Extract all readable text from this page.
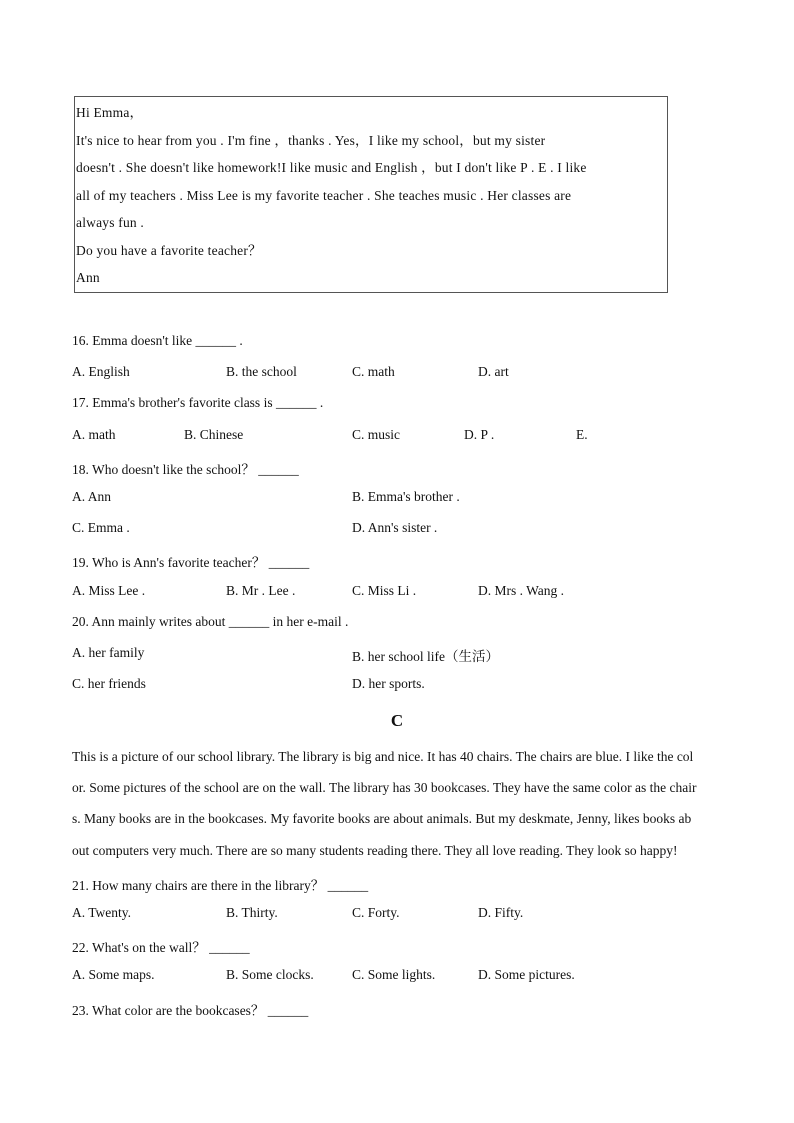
Hi Emma，
It's nice to hear from you . I'm fine ，thanks . Yes，I like my school，but my sister
doesn't . She doesn't like homework!I like music and English ，but I don't like P . E . I like
all of my teachers . Miss Lee is my favorite teacher . She teaches music . Her classes are
always fun .
Do you have a favorite teacher？
Ann
16. Emma doesn't like ______ .
A. English	B. the school	C. math	D. art
17. Emma's brother's favorite class is ______ .
A. math	B. Chinese	C. music	D. P .	E.
18. Who doesn't like the school？ ______
A. Ann	B. Emma's brother .
C. Emma .	D. Ann's sister .
19. Who is Ann's favorite teacher？ ______
A. Miss Lee .	B. Mr . Lee .	C. Miss Li .	D. Mrs . Wang .
20. Ann mainly writes about ______ in her e-mail .
A. her family	B. her school life（生活）
C. her friends	D. her sports.
C
This is a picture of our school library. The library is big and nice. It has 40 chairs. The chairs are blue. I like the col
or. Some pictures of the school are on the wall. The library has 30 bookcases. They have the same color as the chair
s. Many books are in the bookcases. My favorite books are about animals. But my deskmate, Jenny, likes books ab
out computers very much. There are so many students reading there. They all love reading. They look so happy!
21. How many chairs are there in the library？ ______
A. Twenty.	B. Thirty.	C. Forty.	D. Fifty.
22. What's on the wall？ ______
A. Some maps.	B. Some clocks.	C. Some lights.	D. Some pictures.
23. What color are the bookcases？ ______
